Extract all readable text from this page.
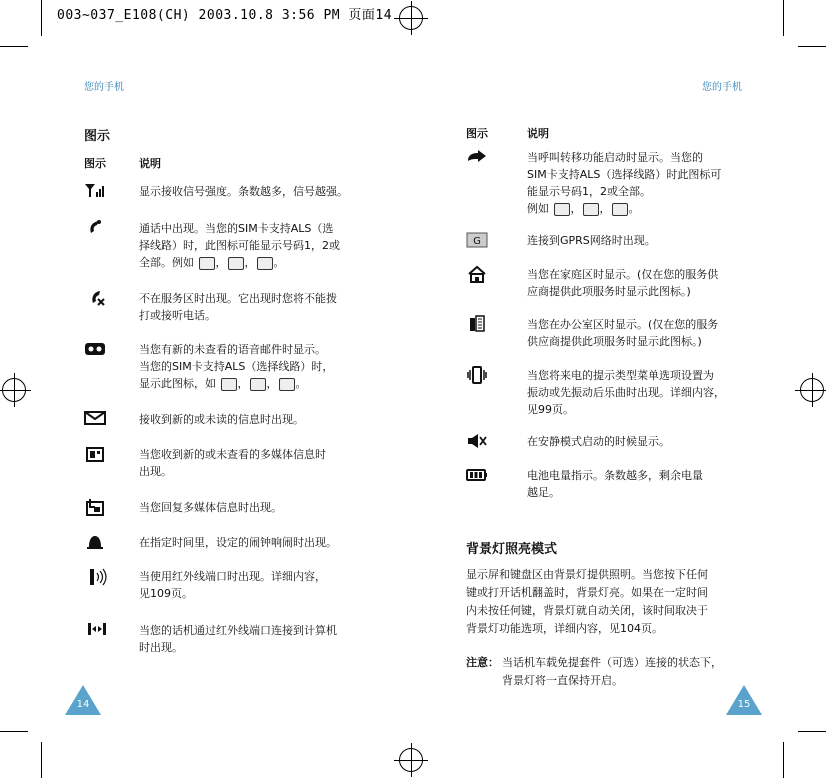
003~037_E108(CH) 2003.10.8 3:56 PM 页面14
您的手机
图示
图示	说明
显示接收信号强度。条数越多，信号越强。
通话中出现。当您的SIM卡支持ALS（选
择线路）时，此图标可能显示号码1，2或
全部。例如 ， ， 。
不在服务区时出现。它出现时您将不能拨
打或接听电话。
当您有新的未查看的语音邮件时显示。
当您的SIM卡支持ALS（选择线路）时，
显示此图标，如 ， ， 。
接收到新的或未读的信息时出现。
当您收到新的或未查看的多媒体信息时
出现。
当您回复多媒体信息时出现。
在指定时间里，设定的闹钟响闹时出现。
当使用红外线端口时出现。详细内容，
见109页。
当您的话机通过红外线端口连接到计算机
时出现。
14
您的手机
图示	说明
当呼叫转移功能启动时显示。当您的
SIM卡支持ALS（选择线路）时此图标可
能显示号码1，2或全部。
例如 ， ， 。
G	连接到GPRS网络时出现。
当您在家庭区时显示。(仅在您的服务供
应商提供此项服务时显示此图标。)
当您在办公室区时显示。(仅在您的服务
供应商提供此项服务时显示此图标。)
当您将来电的提示类型菜单选项设置为
振动或先振动后乐曲时出现。详细内容，
见99页。
在安静模式启动的时候显示。
电池电量指示。条数越多，剩余电量
越足。
背景灯照亮模式
显示屏和键盘区由背景灯提供照明。当您按下任何
键或打开话机翻盖时，背景灯亮。如果在一定时间
内未按任何键，背景灯就自动关闭，该时间取决于
背景灯功能选项，详细内容，见104页。
注意： 当话机车载免提套件（可选）连接的状态下，
背景灯将一直保持开启。
15
